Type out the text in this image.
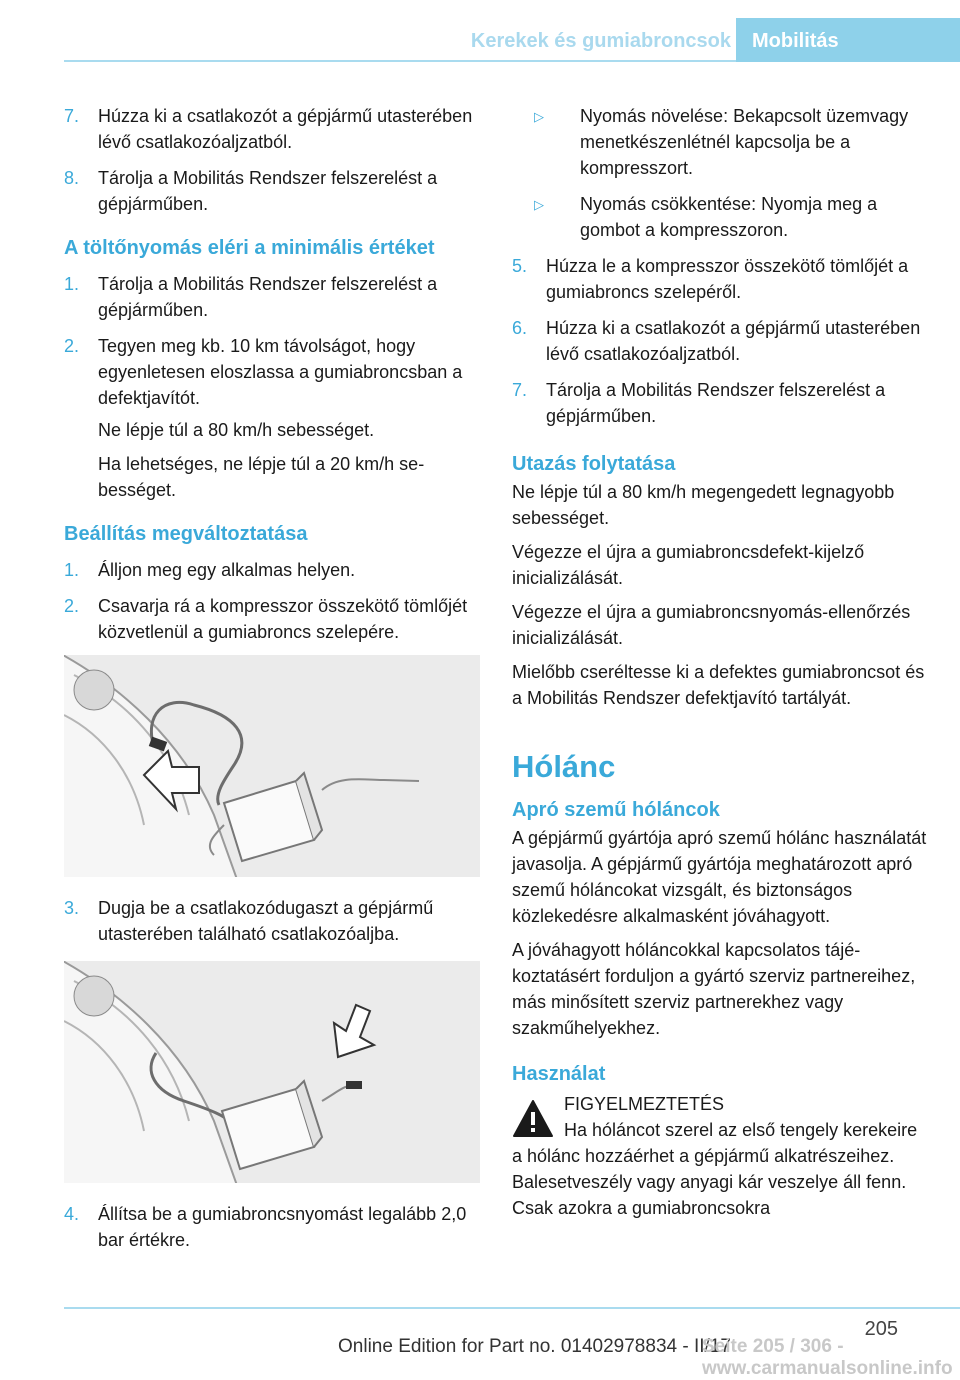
Kerekek és gumiabroncsok	Mobilitás
7. Húzza ki a csatlakozót a gépjármű utasterében lévő csatlakozóaljzatból.
8. Tárolja a Mobilitás Rendszer felszerelést a gépjárműben.
A töltőnyomás eléri a minimális értéket
1. Tárolja a Mobilitás Rendszer felszerelést a gépjárműben.
2. Tegyen meg kb. 10 km távolságot, hogy egyenletesen eloszlassa a gumiabroncsban a defektjavítót.
Ne lépje túl a 80 km/h sebességet.
Ha lehetséges, ne lépje túl a 20 km/h sebességet.
Beállítás megváltoztatása
1. Álljon meg egy alkalmas helyen.
2. Csavarja rá a kompresszor összekötő tömlőjét közvetlenül a gumiabroncs szelepére.
3. Dugja be a csatlakozódugaszt a gépjármű utasterében található csatlakozóaljba.
4. Állítsa be a gumiabroncsnyomást legalább 2,0 bar értékre.
▷ Nyomás növelése: Bekapcsolt üzemvagy menetkészenlétnél kapcsolja be a kompresszort.
▷ Nyomás csökkentése: Nyomja meg a gombot a kompresszoron.
5. Húzza le a kompresszor összekötő tömlőjét a gumiabroncs szelepéről.
6. Húzza ki a csatlakozót a gépjármű utasterében lévő csatlakozóaljzatból.
7. Tárolja a Mobilitás Rendszer felszerelést a gépjárműben.
Utazás folytatása
Ne lépje túl a 80 km/h megengedett legnagyobb sebességet.
Végezze el újra a gumiabroncsdefekt-kijelző inicializálását.
Végezze el újra a gumiabroncsnyomás-ellenőrzés inicializálását.
Mielőbb cseréltesse ki a defektes gumiabroncsot és a Mobilitás Rendszer defektjavító tartályát.
Hólánc
Apró szemű hóláncok
A gépjármű gyártója apró szemű hólánc használatát javasolja. A gépjármű gyártója meghatározott apró szemű hóláncokat vizsgált, és biztonságos közlekedésre alkalmasként jóváhagyott.
A jóváhagyott hóláncokkal kapcsolatos tájékoztatásért forduljon a gyártó szerviz partnereihez, más minősített szerviz partnerekhez vagy szakműhelyekhez.
Használat
FIGYELMEZTETÉS
Ha hóláncot szerel az első tengely kerekeire a hólánc hozzáérhet a gépjármű alkatrészeihez. Balesetveszély vagy anyagi kár veszelye áll fenn. Csak azokra a gumiabroncsokra
205
Online Edition for Part no. 01402978834 - II/17
Seite 205 / 306 - www.carmanualsonline.info
